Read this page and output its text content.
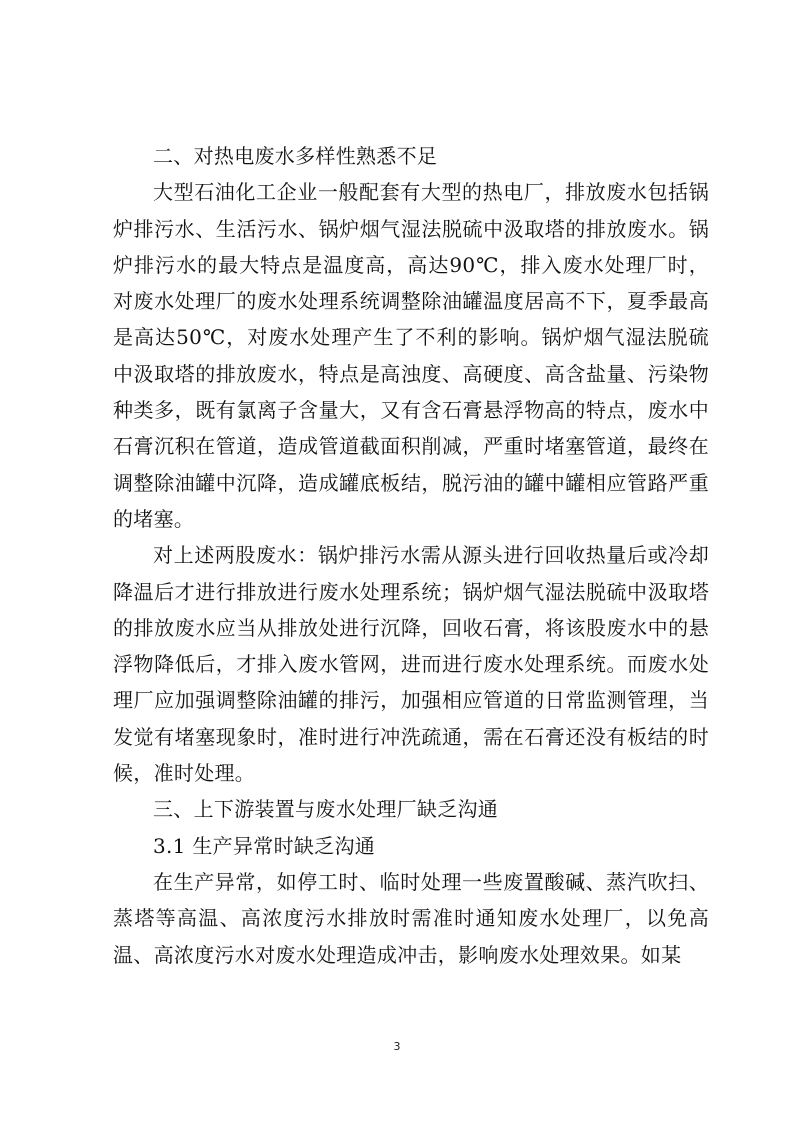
二、对热电废水多样性熟悉不足

大型石油化工企业一般配套有大型的热电厂，排放废水包括锅炉排污水、生活污水、锅炉烟气湿法脱硫中汲取塔的排放废水。锅炉排污水的最大特点是温度高，高达90℃，排入废水处理厂时，对废水处理厂的废水处理系统调整除油罐温度居高不下，夏季最高是高达50℃，对废水处理产生了不利的影响。锅炉烟气湿法脱硫中汲取塔的排放废水，特点是高浊度、高硬度、高含盐量、污染物种类多，既有氯离子含量大，又有含石膏悬浮物高的特点，废水中石膏沉积在管道，造成管道截面积削减，严重时堵塞管道，最终在调整除油罐中沉降，造成罐底板结，脱污油的罐中罐相应管路严重的堵塞。

对上述两股废水：锅炉排污水需从源头进行回收热量后或冷却降温后才进行排放进行废水处理系统；锅炉烟气湿法脱硫中汲取塔的排放废水应当从排放处进行沉降，回收石膏，将该股废水中的悬浮物降低后，才排入废水管网，进而进行废水处理系统。而废水处理厂应加强调整除油罐的排污，加强相应管道的日常监测管理，当发觉有堵塞现象时，准时进行冲洗疏通，需在石膏还没有板结的时候，准时处理。

三、上下游装置与废水处理厂缺乏沟通

3.1 生产异常时缺乏沟通

在生产异常，如停工时、临时处理一些废置酸碱、蒸汽吹扫、蒸塔等高温、高浓度污水排放时需准时通知废水处理厂，以免高温、高浓度污水对废水处理造成冲击，影响废水处理效果。如某

3
